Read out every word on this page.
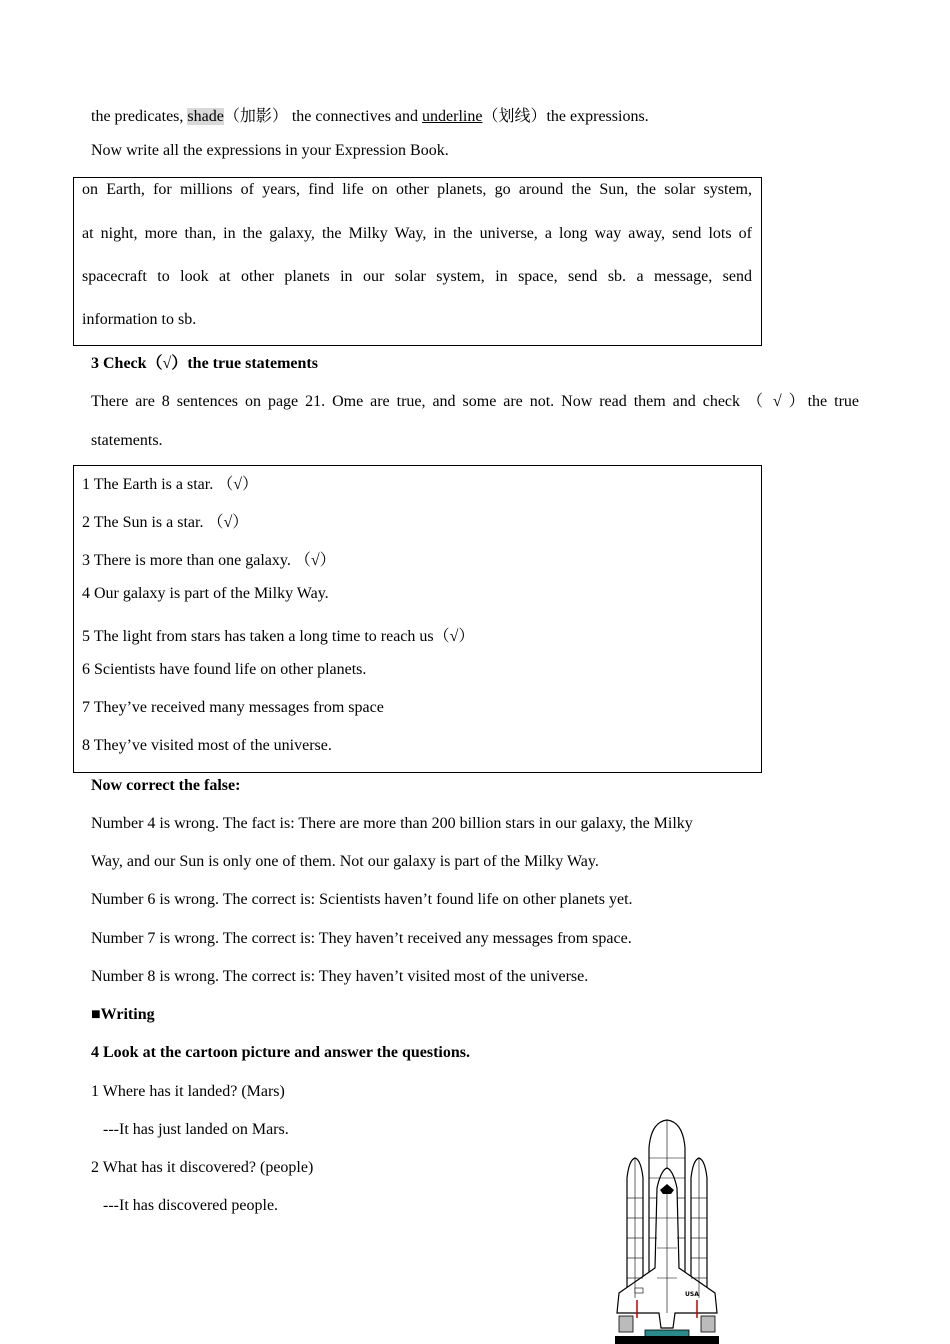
the predicates, shade（加影） the connectives and underline（划线）the expressions.
Now write all the expressions in your Expression Book.
on Earth, for millions of years, find life on other planets, go around the Sun, the solar system,
at night, more than, in the galaxy, the Milky Way, in the universe, a long way away, send lots of
spacecraft to look at other planets in our solar system, in space, send sb. a message, send
information to sb.
3 Check（√）the true statements
There are 8 sentences on page 21. Ome are true, and some are not. Now read them and check （ √ ）the true
statements.
1 The Earth is a star. （√）
2 The Sun is a star. （√）
3 There is more than one galaxy. （√）
4 Our galaxy is part of the Milky Way.
5 The light from stars has taken a long time to reach us（√）
6 Scientists have found life on other planets.
7 They’ve received many messages from space
8 They’ve visited most of the universe.
Now correct the false:
Number 4 is wrong. The fact is: There are more than 200 billion stars in our galaxy, the Milky
Way, and our Sun is only one of them. Not our galaxy is part of the Milky Way.
Number 6 is wrong. The correct is: Scientists haven’t found life on other planets yet.
Number 7 is wrong. The correct is: They haven’t received any messages from space.
Number 8 is wrong. The correct is: They haven’t visited most of the universe.
■Writing
4 Look at the cartoon picture and answer the questions.
1 Where has it landed? (Mars)
---It has just landed on Mars.
2 What has it discovered? (people)
---It has discovered people.
USA
